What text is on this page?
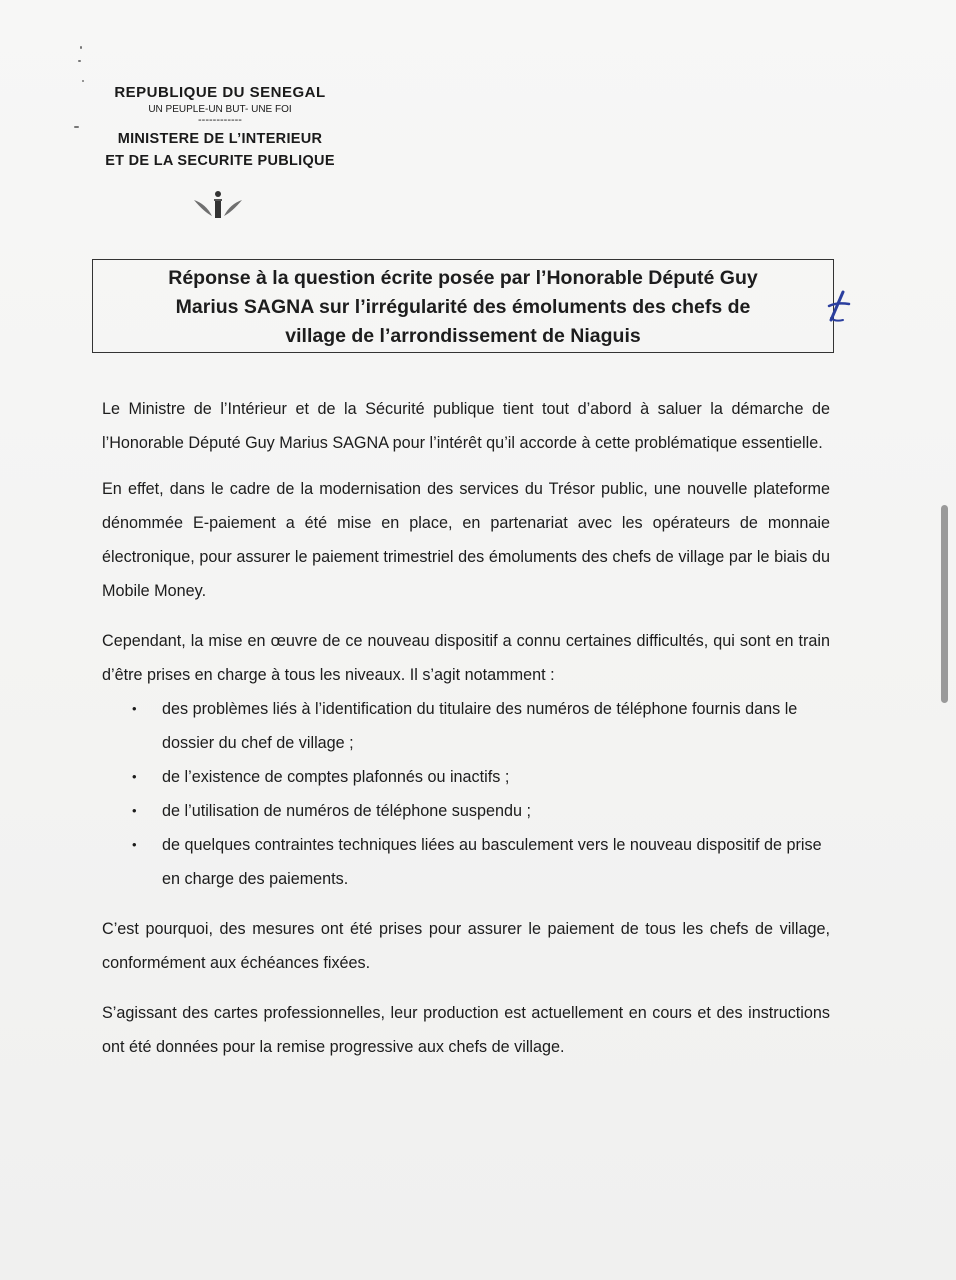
REPUBLIQUE DU SENEGAL
UN PEUPLE-UN BUT- UNE FOI
------------
MINISTERE DE L’INTERIEUR
ET DE LA SECURITE PUBLIQUE
Réponse à la question écrite posée par l’Honorable Député Guy
Marius SAGNA sur l’irrégularité des émoluments des chefs de
village de l’arrondissement de Niaguis

Le Ministre de l’Intérieur et de la Sécurité publique tient tout d’abord à saluer la démarche de l’Honorable Député Guy Marius SAGNA pour l’intérêt qu’il accorde à cette problématique essentielle.

En effet, dans le cadre de la modernisation des services du Trésor public, une nouvelle plateforme dénommée E-paiement a été mise en place, en partenariat avec les opérateurs de monnaie électronique, pour assurer le paiement trimestriel des émoluments des chefs de village par le biais du Mobile Money.

Cependant, la mise en œuvre de ce nouveau dispositif a connu certaines difficultés, qui sont en train d’être prises en charge à tous les niveaux. Il s’agit notamment :

• des problèmes liés à l’identification du titulaire des numéros de téléphone fournis dans le dossier du chef de village ;
• de l’existence de comptes plafonnés ou inactifs ;
• de l’utilisation de numéros de téléphone suspendu ;
• de quelques contraintes techniques liées au basculement vers le nouveau dispositif de prise en charge des paiements.

C’est pourquoi, des mesures ont été prises pour assurer le paiement de tous les chefs de village, conformément aux échéances fixées.

S’agissant des cartes professionnelles, leur production est actuellement en cours et des instructions ont été données pour la remise progressive aux chefs de village.
